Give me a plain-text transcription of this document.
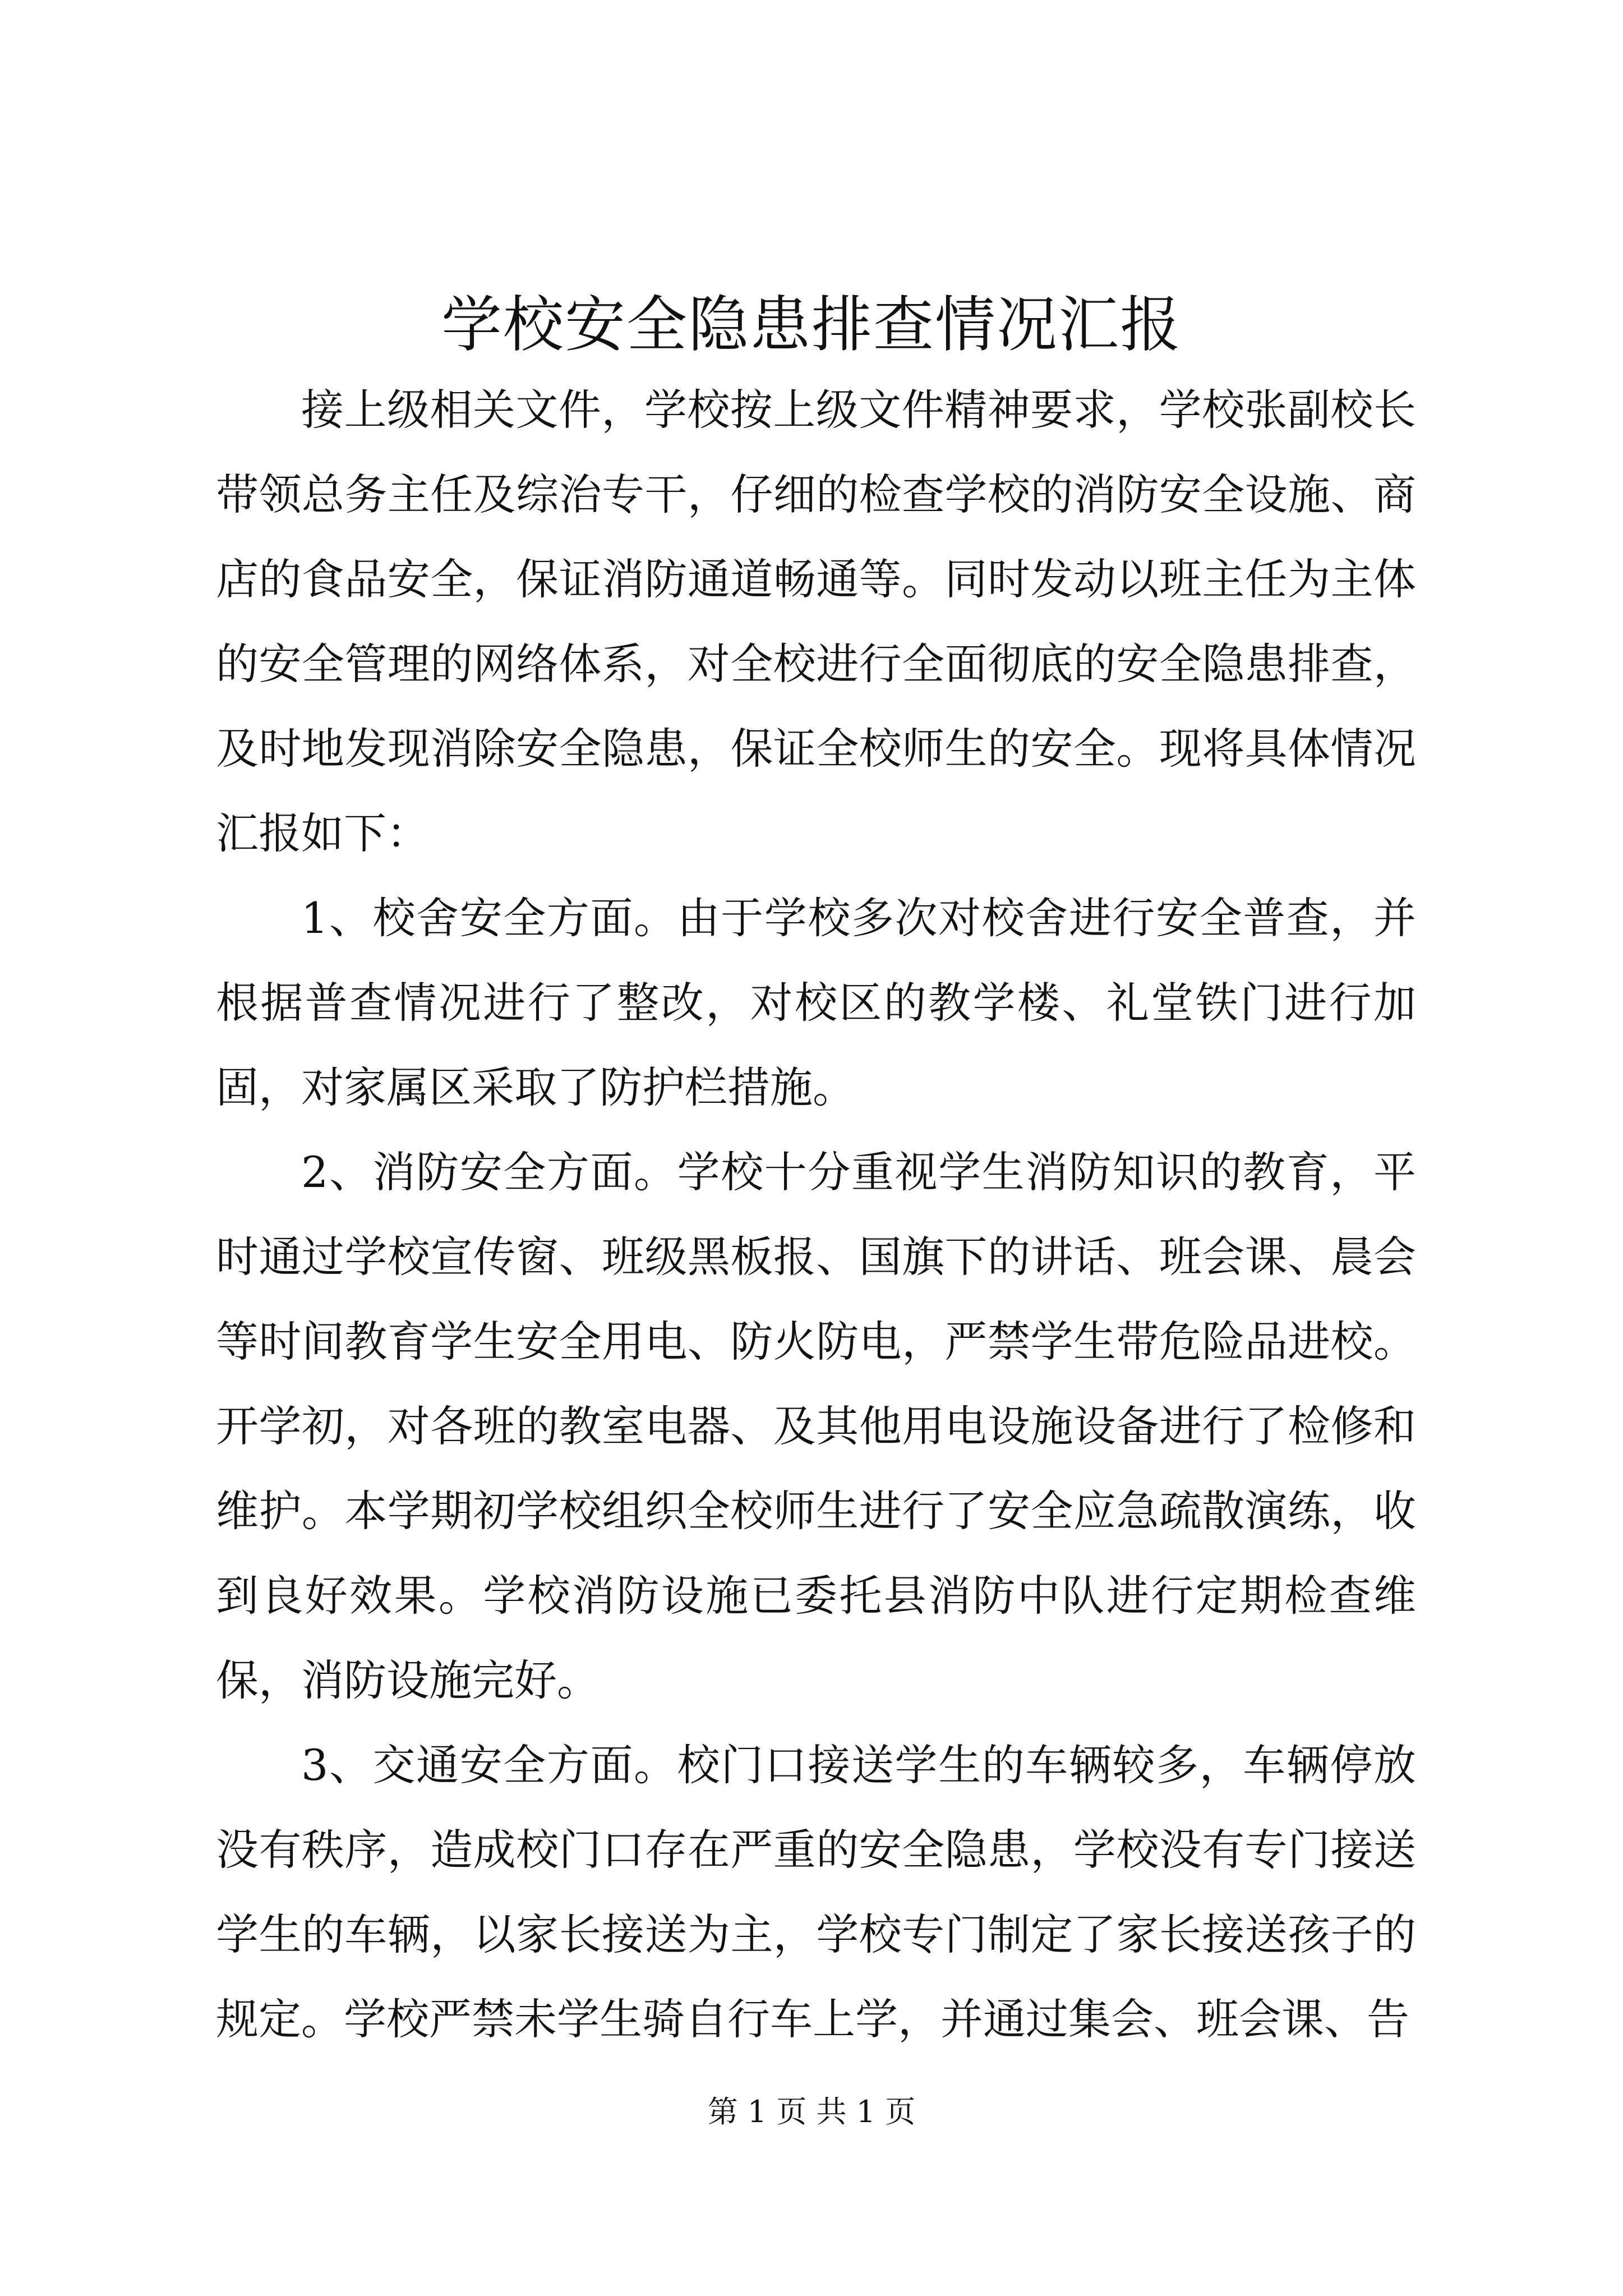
学校安全隐患排查情况汇报

接上级相关文件，学校按上级文件精神要求，学校张副校长带领总务主任及综治专干，仔细的检查学校的消防安全设施、商店的食品安全，保证消防通道畅通等。同时发动以班主任为主体的安全管理的网络体系，对全校进行全面彻底的安全隐患排查，及时地发现消除安全隐患，保证全校师生的安全。现将具体情况汇报如下：

1、校舍安全方面。由于学校多次对校舍进行安全普查，并根据普查情况进行了整改，对校区的教学楼、礼堂铁门进行加固，对家属区采取了防护栏措施。

2、消防安全方面。学校十分重视学生消防知识的教育，平时通过学校宣传窗、班级黑板报、国旗下的讲话、班会课、晨会等时间教育学生安全用电、防火防电，严禁学生带危险品进校。开学初，对各班的教室电器、及其他用电设施设备进行了检修和维护。本学期初学校组织全校师生进行了安全应急疏散演练，收到良好效果。学校消防设施已委托县消防中队进行定期检查维保，消防设施完好。

3、交通安全方面。校门口接送学生的车辆较多，车辆停放没有秩序，造成校门口存在严重的安全隐患，学校没有专门接送学生的车辆，以家长接送为主，学校专门制定了家长接送孩子的规定。学校严禁未学生骑自行车上学，并通过集会、班会课、告

第 1 页 共 1 页
